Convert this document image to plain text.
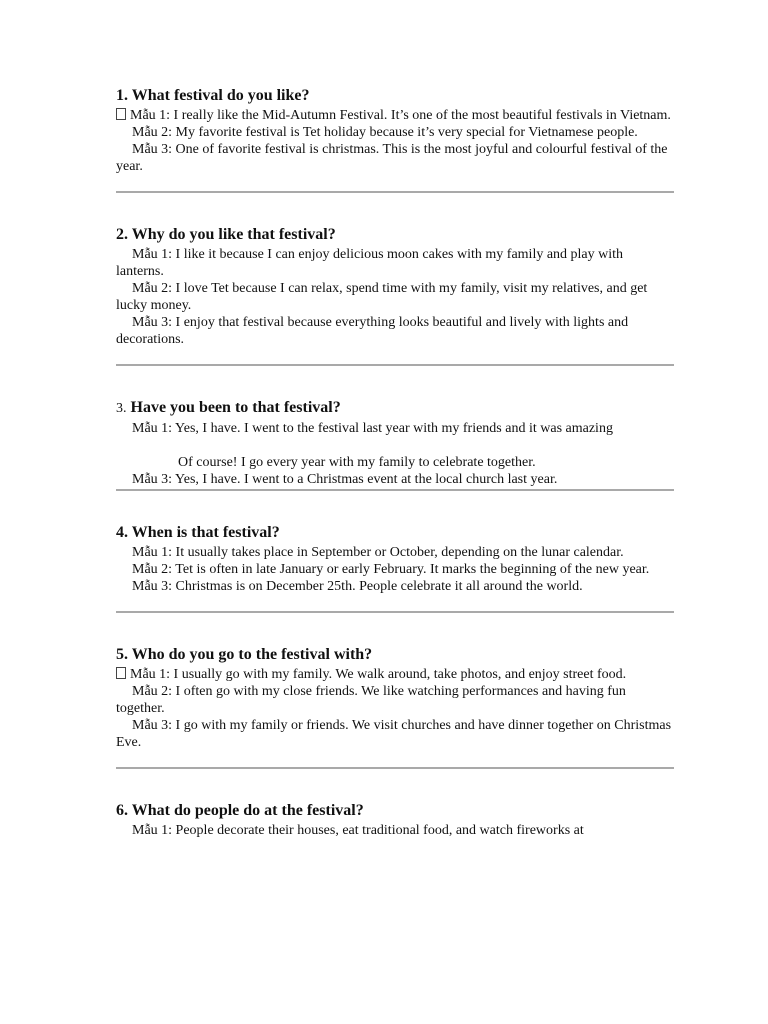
1. What festival do you like?

Mẫu 1: I really like the Mid-Autumn Festival. It’s one of the most beautiful festivals in Vietnam.

Mẫu 2: My favorite festival is Tet holiday because it’s very special for Vietnamese people.

Mẫu 3: One of favorite festival is christmas. This is the most joyful and colourful festival of the year.

2. Why do you like that festival?

Mẫu 1: I like it because I can enjoy delicious moon cakes with my family and play with lanterns.

Mẫu 2: I love Tet because I can relax, spend time with my family, visit my relatives, and get lucky money.

Mẫu 3: I enjoy that festival because everything looks beautiful and lively with lights and decorations.

3. Have you been to that festival?

Mẫu 1: Yes, I have. I went to the festival last year with my friends and it was amazing

Of course! I go every year with my family to celebrate together.

Mẫu 3: Yes, I have. I went to a Christmas event at the local church last year.

4. When is that festival?

Mẫu 1: It usually takes place in September or October, depending on the lunar calendar.

Mẫu 2: Tet is often in late January or early February. It marks the beginning of the new year.

Mẫu 3: Christmas is on December 25th. People celebrate it all around the world.

5. Who do you go to the festival with?

Mẫu 1: I usually go with my family. We walk around, take photos, and enjoy street food.

Mẫu 2: I often go with my close friends. We like watching performances and having fun together.

Mẫu 3: I go with my family or friends. We visit churches and have dinner together on Christmas Eve.

6. What do people do at the festival?

Mẫu 1: People decorate their houses, eat traditional food, and watch fireworks at
